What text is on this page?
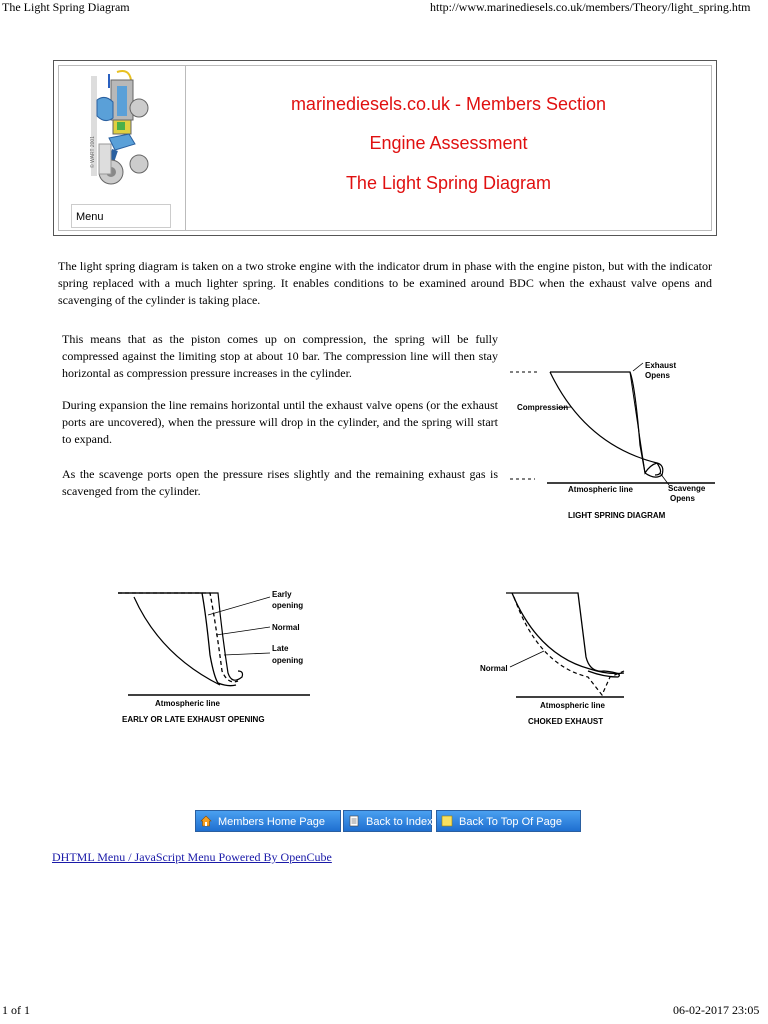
The Light Spring Diagram	http://www.marinediesels.co.uk/members/Theory/light_spring.htm
© WART 2001
Menu
marinediesels.co.uk - Members Section
Engine Assessment
The Light Spring Diagram
The light spring diagram is taken on a two stroke engine with the indicator drum in phase with the engine piston, but with the indicator spring replaced with a much lighter spring. It enables conditions to be examined around BDC when the exhaust valve opens and scavenging of the cylinder is taking place.
This means that as the piston comes up on compression, the spring will be fully compressed against the limiting stop at about 10 bar. The compression line will then stay horizontal as compression pressure increases in the cylinder.
During expansion the line remains horizontal until the exhaust valve opens (or the exhaust ports are uncovered), when the pressure will drop in the cylinder, and the spring will start to expand.
As the scavenge ports open the pressure rises slightly and the remaining exhaust gas is scavenged from the cylinder.
Exhaust
Opens
Compression
Atmospheric line	Scavenge
Opens
LIGHT SPRING DIAGRAM
Early
opening
Normal
Late
opening
Atmospheric line
EARLY OR LATE EXHAUST OPENING
Normal
Atmospheric line
CHOKED EXHAUST
Members Home Page	Back to Index Back To Top Of Page
DHTML Menu / JavaScript Menu Powered By OpenCube
1 of 1	06-02-2017 23:05
